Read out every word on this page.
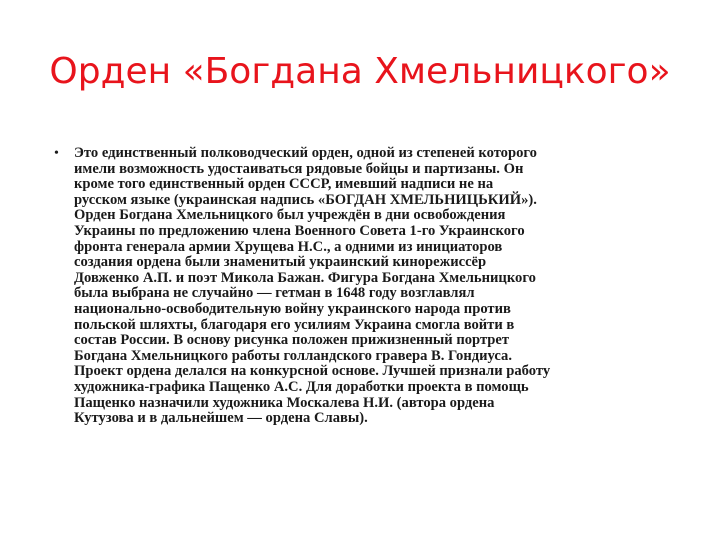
Орден «Богдана Хмельницкого»
• Это единственный полководческий орден, одной из степеней которого
имели возможность удостаиваться рядовые бойцы и партизаны. Он
кроме того единственный орден СССР, имевший надписи не на
русском языке (украинская надпись «БОГДАН ХМЕЛЬНИЦЬКИЙ»).
Орден Богдана Хмельницкого был учреждён в дни освобождения
Украины по предложению члена Военного Совета 1-го Украинского
фронта генерала армии Хрущева Н.С., а одними из инициаторов
создания ордена были знаменитый украинский кинорежиссёр
Довженко А.П. и поэт Микола Бажан. Фигура Богдана Хмельницкого
была выбрана не случайно — гетман в 1648 году возглавлял
национально-освободительную войну украинского народа против
польской шляхты, благодаря его усилиям Украина смогла войти в
состав России. В основу рисунка положен прижизненный портрет
Богдана Хмельницкого работы голландского гравера В. Гондиуса.
Проект ордена делался на конкурсной основе. Лучшей признали работу
художника-графика Пащенко А.С. Для доработки проекта в помощь
Пащенко назначили художника Москалева Н.И. (автора ордена
Кутузова и в дальнейшем — ордена Славы).
